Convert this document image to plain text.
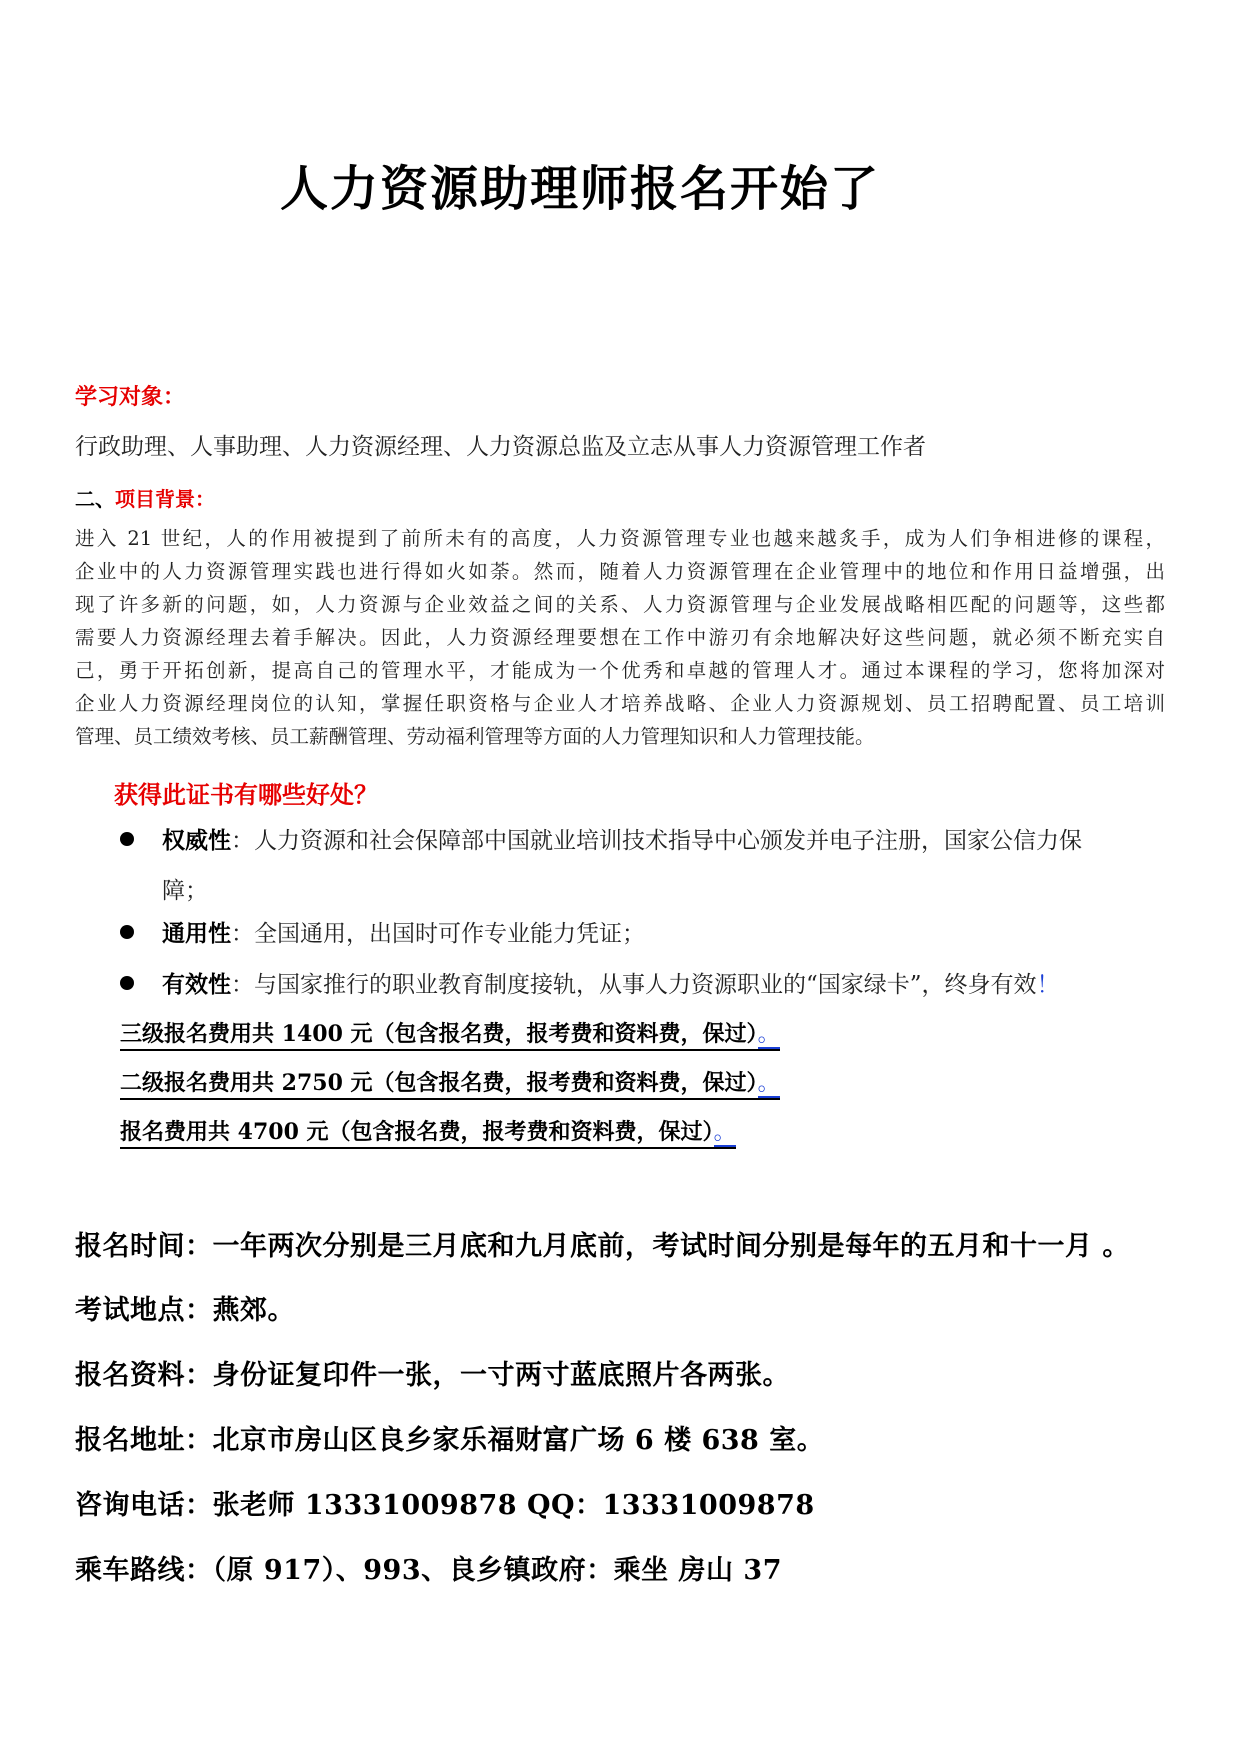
人力资源助理师报名开始了
学习对象：
行政助理、人事助理、人力资源经理、人力资源总监及立志从事人力资源管理工作者
二、项目背景：

进入 21 世纪，人的作用被提到了前所未有的高度，人力资源管理专业也越来越炙手，成为人们争相进修的课程，

企业中的人力资源管理实践也进行得如火如荼。然而，随着人力资源管理在企业管理中的地位和作用日益增强，出

现了许多新的问题，如，人力资源与企业效益之间的关系、人力资源管理与企业发展战略相匹配的问题等，这些都

需要人力资源经理去着手解决。因此，人力资源经理要想在工作中游刃有余地解决好这些问题，就必须不断充实自

己，勇于开拓创新，提高自己的管理水平，才能成为一个优秀和卓越的管理人才。通过本课程的学习，您将加深对

企业人力资源经理岗位的认知，掌握任职资格与企业人才培养战略、企业人力资源规划、员工招聘配置、员工培训

管理、员工绩效考核、员工薪酬管理、劳动福利管理等方面的人力管理知识和人力管理技能。

获得此证书有哪些好处？
权威性：人力资源和社会保障部中国就业培训技术指导中心颁发并电子注册，国家公信力保
障；
通用性：全国通用，出国时可作专业能力凭证；
有效性：与国家推行的职业教育制度接轨，从事人力资源职业的“国家绿卡”，终身有效！
三级报名费用共 1400 元（包含报名费，报考费和资料费，保过）。
二级报名费用共 2750 元（包含报名费，报考费和资料费，保过）。
报名费用共 4700 元（包含报名费，报考费和资料费，保过）。
报名时间：一年两次分别是三月底和九月底前，考试时间分别是每年的五月和十一月 。
考试地点：燕郊。
报名资料：身份证复印件一张，一寸两寸蓝底照片各两张。
报名地址：北京市房山区良乡家乐福财富广场 6 楼 638 室。
咨询电话：张老师 13331009878 QQ：13331009878
乘车路线：（原 917）、993、良乡镇政府：乘坐 房山 37
